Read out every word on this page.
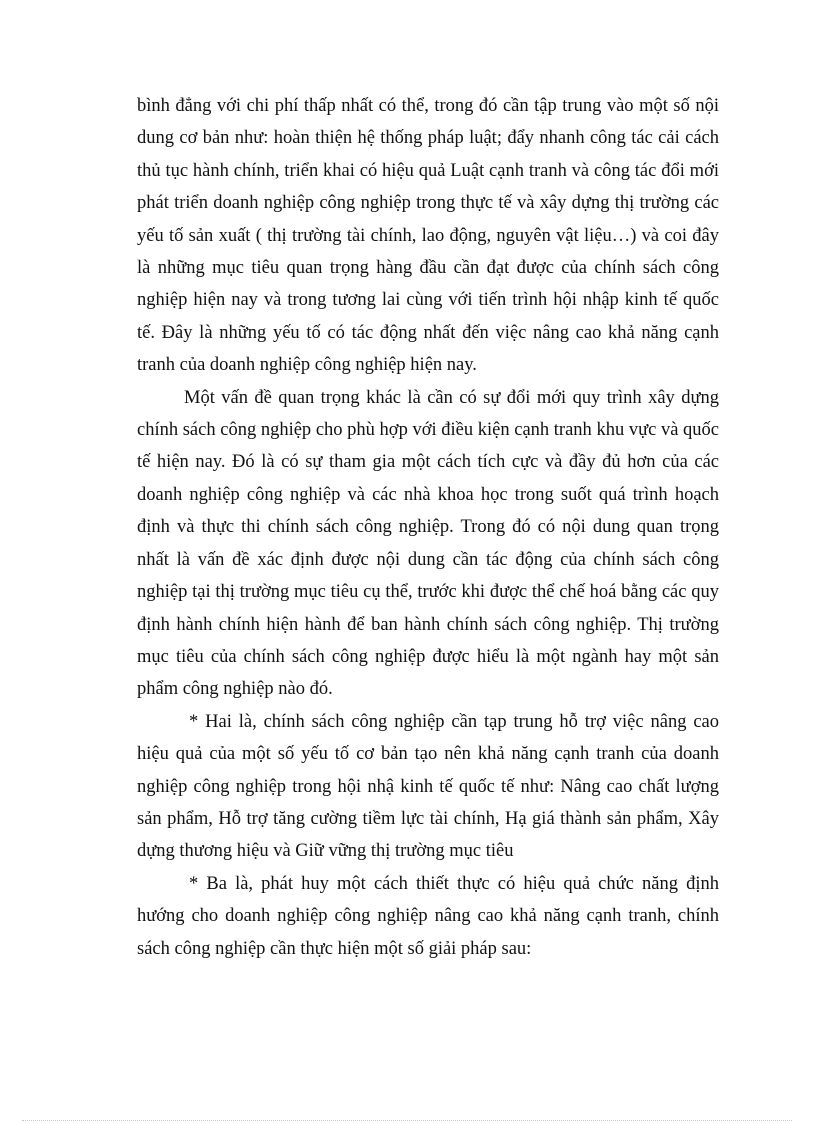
bình đẳng với chi phí thấp nhất có thể, trong đó cần tập trung vào một số nội dung cơ bản như: hoàn thiện hệ thống pháp luật; đẩy nhanh công tác cải cách thủ tục hành chính, triển khai có hiệu quả Luật cạnh tranh và công tác đổi mới phát triển doanh nghiệp công nghiệp trong thực tế và xây dựng thị trường các yếu tố sản xuất ( thị trường tài chính, lao động, nguyên vật liệu…) và coi đây là những mục tiêu quan trọng hàng đầu cần đạt được của chính sách công nghiệp hiện nay và trong tương lai cùng với tiến trình hội nhập kinh tế quốc tế. Đây là những yếu tố có tác động nhất đến việc nâng cao khả năng cạnh tranh của doanh nghiệp công nghiệp hiện nay.

Một vấn đề quan trọng khác là cần có sự đổi mới quy trình xây dựng chính sách công nghiệp cho phù hợp với điều kiện cạnh tranh khu vực và quốc tế hiện nay. Đó là có sự tham gia một cách tích cực và đầy đủ hơn của các doanh nghiệp công nghiệp và các nhà khoa học trong suốt quá trình hoạch định và thực thi chính sách công nghiệp. Trong đó có nội dung quan trọng nhất là vấn đề xác định được nội dung cần tác động của chính sách công nghiệp tại thị trường mục tiêu cụ thể, trước khi được thể chế hoá bằng các quy định hành chính hiện hành để ban hành chính sách công nghiệp. Thị trường mục tiêu của chính sách công nghiệp được hiểu là một ngành hay một sản phẩm công nghiệp nào đó.

* Hai là, chính sách công nghiệp cần tạp trung hỗ trợ việc nâng cao hiệu quả của một số yếu tố cơ bản tạo nên khả năng cạnh tranh của doanh nghiệp công nghiệp trong hội nhậ kinh tế quốc tế như: Nâng cao chất lượng sản phẩm, Hỗ trợ tăng cường tiềm lực tài chính, Hạ giá thành sản phẩm, Xây dựng thương hiệu và Giữ vững thị trường mục tiêu

* Ba là, phát huy một cách thiết thực có hiệu quả chức năng định hướng cho doanh nghiệp công nghiệp nâng cao khả năng cạnh tranh, chính sách công nghiệp cần thực hiện một số giải pháp sau:
